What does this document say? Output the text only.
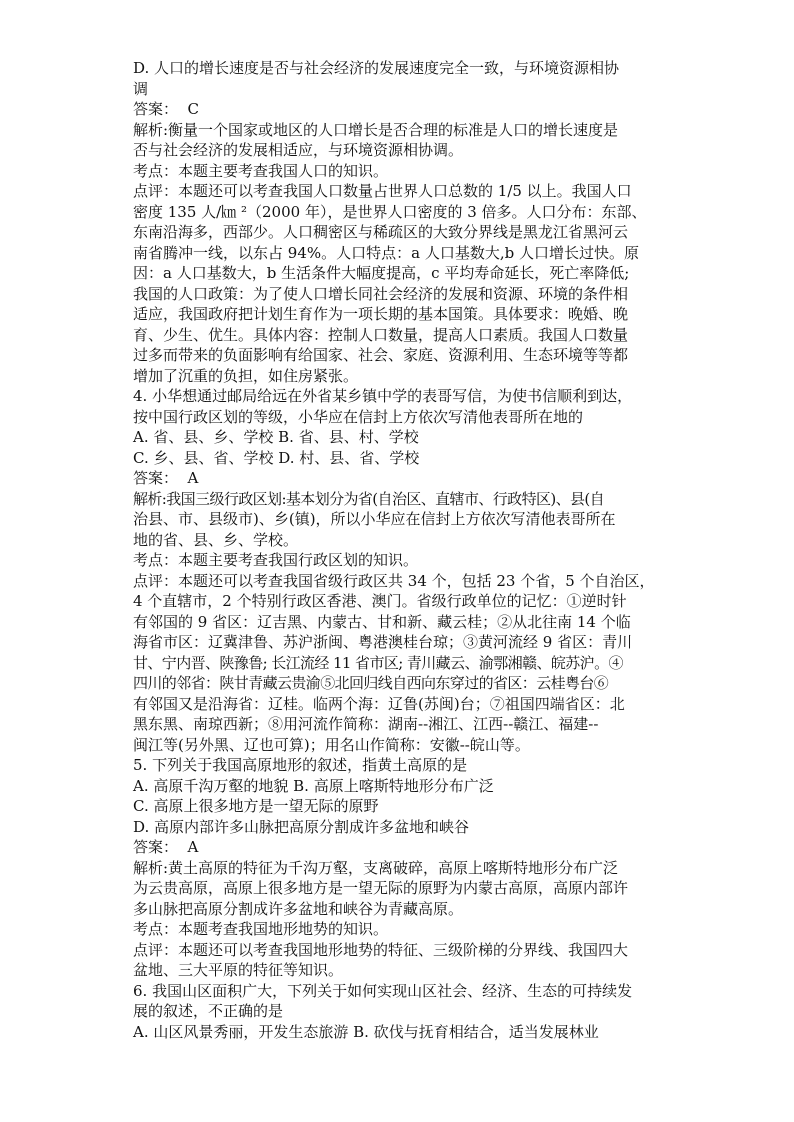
D. 人口的增长速度是否与社会经济的发展速度完全一致，与环境资源相协
调
答案：  C
解析:衡量一个国家或地区的人口增长是否合理的标准是人口的增长速度是
否与社会经济的发展相适应，与环境资源相协调。
考点：本题主要考查我国人口的知识。
点评：本题还可以考查我国人口数量占世界人口总数的 1/5 以上。我国人口
密度 135 人/㎞ ²（2000 年），是世界人口密度的 3 倍多。人口分布：东部、
东南沿海多，西部少。人口稠密区与稀疏区的大致分界线是黑龙江省黑河云
南省腾冲一线，以东占 94%。人口特点：a 人口基数大,b 人口增长过快。原
因：a 人口基数大，b 生活条件大幅度提高，c 平均寿命延长，死亡率降低;
我国的人口政策：为了使人口增长同社会经济的发展和资源、环境的条件相
适应，我国政府把计划生育作为一项长期的基本国策。具体要求：晚婚、晚
育、少生、优生。具体内容：控制人口数量，提高人口素质。我国人口数量
过多而带来的负面影响有给国家、社会、家庭、资源利用、生态环境等等都
增加了沉重的负担，如住房紧张。
4. 小华想通过邮局给远在外省某乡镇中学的表哥写信，为使书信顺利到达，
按中国行政区划的等级，小华应在信封上方依次写清他表哥所在地的
A. 省、县、乡、学校 B. 省、县、村、学校
C. 乡、县、省、学校 D. 村、县、省、学校
答案：  A
解析:我国三级行政区划:基本划分为省(自治区、直辖市、行政特区)、县(自
治县、市、县级市)、乡(镇)，所以小华应在信封上方依次写清他表哥所在
地的省、县、乡、学校。
考点：本题主要考查我国行政区划的知识。
点评：本题还可以考查我国省级行政区共 34 个，包括 23 个省，5 个自治区，
4 个直辖市，2 个特别行政区香港、澳门。省级行政单位的记忆：①逆时针
有邻国的 9 省区：辽吉黑、内蒙古、甘和新、藏云桂；②从北往南 14 个临
海省市区：辽冀津鲁、苏沪浙闽、粤港澳桂台琼；③黄河流经 9 省区：青川
甘、宁内晋、陕豫鲁; 长江流经 11 省市区; 青川藏云、渝鄂湘赣、皖苏沪。④
四川的邻省：陕甘青藏云贵渝⑤北回归线自西向东穿过的省区：云桂粤台⑥
有邻国又是沿海省：辽桂。临两个海：辽鲁(苏闽)台；⑦祖国四端省区：北
黑东黑、南琼西新；⑧用河流作简称：湖南--湘江、江西--赣江、福建--
闽江等(另外黑、辽也可算)；用名山作简称：安徽--皖山等。
5. 下列关于我国高原地形的叙述，指黄土高原的是
A. 高原千沟万壑的地貌 B. 高原上喀斯特地形分布广泛
C. 高原上很多地方是一望无际的原野
D. 高原内部许多山脉把高原分割成许多盆地和峡谷
答案：  A
解析:黄土高原的特征为千沟万壑，支离破碎，高原上喀斯特地形分布广泛
为云贵高原，高原上很多地方是一望无际的原野为内蒙古高原，高原内部许
多山脉把高原分割成许多盆地和峡谷为青藏高原。
考点：本题考查我国地形地势的知识。
点评：本题还可以考查我国地形地势的特征、三级阶梯的分界线、我国四大
盆地、三大平原的特征等知识。
6. 我国山区面积广大，下列关于如何实现山区社会、经济、生态的可持续发
展的叙述，不正确的是
A. 山区风景秀丽，开发生态旅游 B. 砍伐与抚育相结合，适当发展林业
